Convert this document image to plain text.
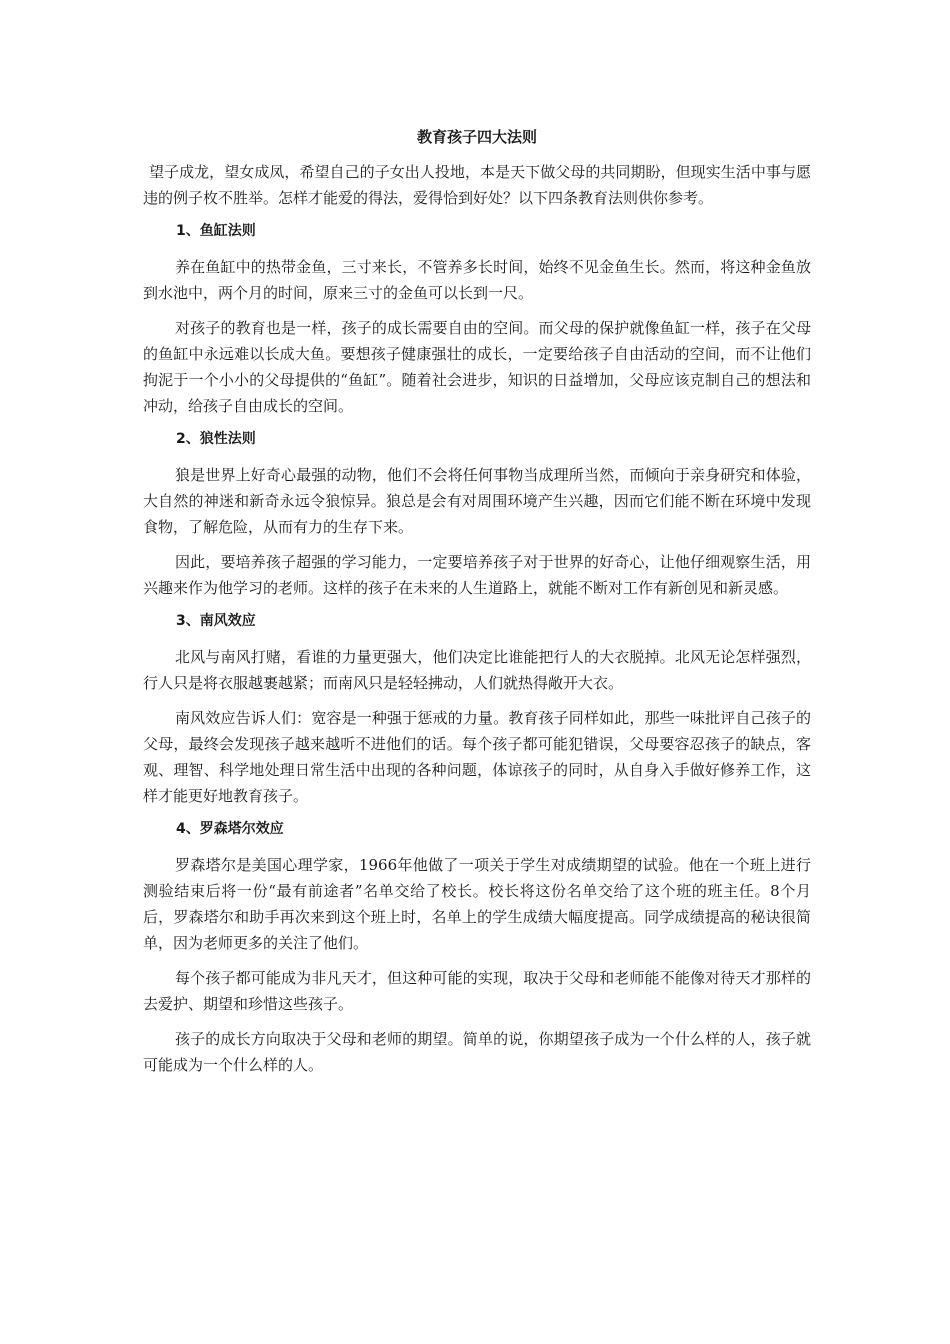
教育孩子四大法则

望子成龙，望女成凤，希望自己的子女出人投地，本是天下做父母的共同期盼，但现实生活中事与愿违的例子枚不胜举。怎样才能爱的得法，爱得恰到好处？以下四条教育法则供你参考。

1、鱼缸法则

养在鱼缸中的热带金鱼，三寸来长，不管养多长时间，始终不见金鱼生长。然而，将这种金鱼放到水池中，两个月的时间，原来三寸的金鱼可以长到一尺。

对孩子的教育也是一样，孩子的成长需要自由的空间。而父母的保护就像鱼缸一样，孩子在父母的鱼缸中永远难以长成大鱼。要想孩子健康强壮的成长，一定要给孩子自由活动的空间，而不让他们拘泥于一个小小的父母提供的“鱼缸”。随着社会进步，知识的日益增加，父母应该克制自己的想法和冲动，给孩子自由成长的空间。

2、狼性法则

狼是世界上好奇心最强的动物，他们不会将任何事物当成理所当然，而倾向于亲身研究和体验，大自然的神迷和新奇永远令狼惊异。狼总是会有对周围环境产生兴趣，因而它们能不断在环境中发现食物，了解危险，从而有力的生存下来。

因此，要培养孩子超强的学习能力，一定要培养孩子对于世界的好奇心，让他仔细观察生活，用兴趣来作为他学习的老师。这样的孩子在未来的人生道路上，就能不断对工作有新创见和新灵感。

3、南风效应

北风与南风打赌，看谁的力量更强大，他们决定比谁能把行人的大衣脱掉。北风无论怎样强烈，行人只是将衣服越裹越紧；而南风只是轻轻拂动，人们就热得敞开大衣。

南风效应告诉人们：宽容是一种强于惩戒的力量。教育孩子同样如此，那些一味批评自己孩子的父母，最终会发现孩子越来越听不进他们的话。每个孩子都可能犯错误，父母要容忍孩子的缺点，客观、理智、科学地处理日常生活中出现的各种问题，体谅孩子的同时，从自身入手做好修养工作，这样才能更好地教育孩子。

4、罗森塔尔效应

罗森塔尔是美国心理学家，1966年他做了一项关于学生对成绩期望的试验。他在一个班上进行测验结束后将一份“最有前途者”名单交给了校长。校长将这份名单交给了这个班的班主任。8个月后，罗森塔尔和助手再次来到这个班上时，名单上的学生成绩大幅度提高。同学成绩提高的秘诀很简单，因为老师更多的关注了他们。

每个孩子都可能成为非凡天才，但这种可能的实现，取决于父母和老师能不能像对待天才那样的去爱护、期望和珍惜这些孩子。

孩子的成长方向取决于父母和老师的期望。简单的说，你期望孩子成为一个什么样的人，孩子就可能成为一个什么样的人。
